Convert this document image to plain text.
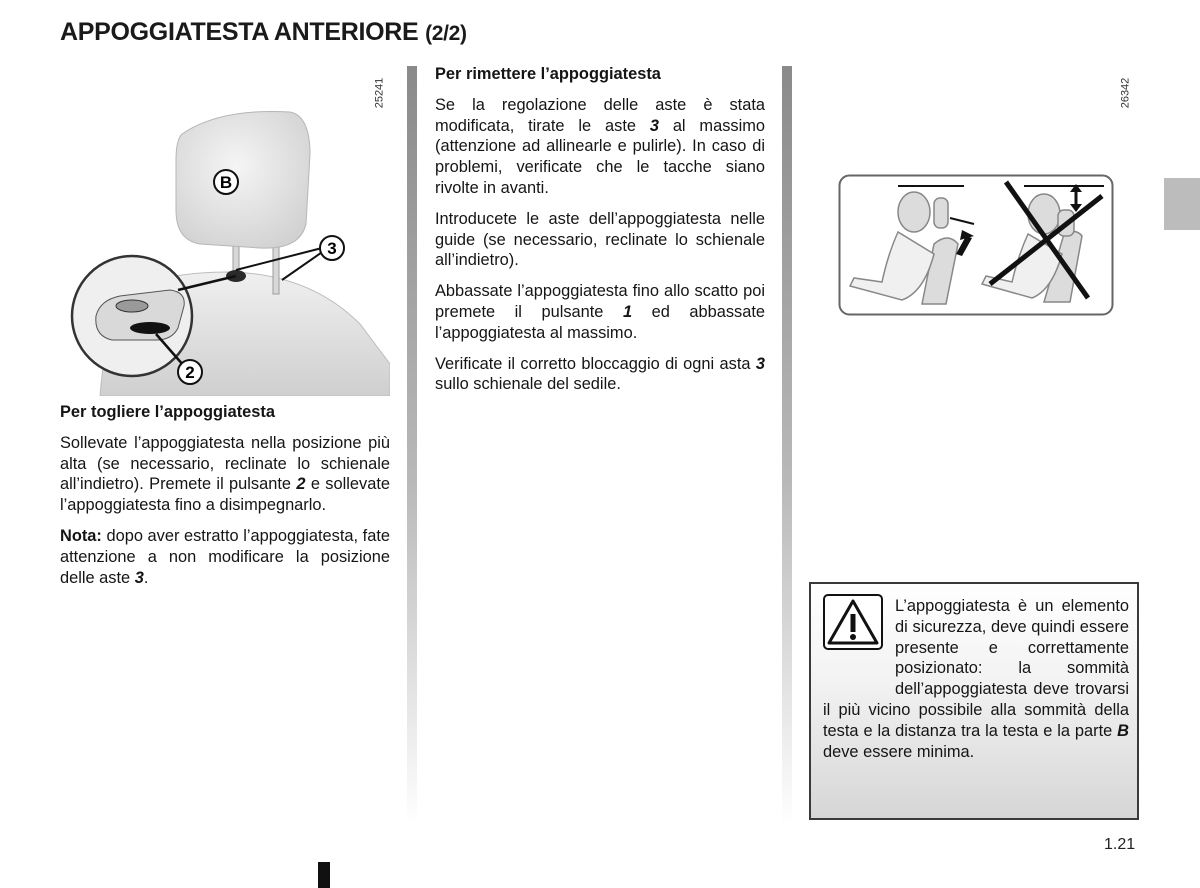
APPOGGIATESTA ANTERIORE (2/2)
25241	26342
B
3
2
Per togliere l’appoggiatesta

Sollevate l’appoggiatesta nella posizione più alta (se necessario, reclinate lo schienale all’indietro). Premete il pulsante 2 e sollevate l’appoggiatesta fino a disimpegnarlo.

Nota: dopo aver estratto l’appoggiatesta, fate attenzione a non modificare la posizione delle aste 3.

Per rimettere l’appoggiatesta

Se la regolazione delle aste è stata modificata, tirate le aste 3 al massimo (attenzione ad allinearle e pulirle). In caso di problemi, verificate che le tacche siano rivolte in avanti.

Introducete le aste dell’appoggiatesta nelle guide (se necessario, reclinate lo schienale all’indietro).

Abbassate l’appoggiatesta fino allo scatto poi premete il pulsante 1 ed abbassate l’appoggiatesta al massimo.

Verificate il corretto bloccaggio di ogni asta 3 sullo schienale del sedile.

L’appoggiatesta è un elemento di sicurezza, deve quindi essere presente e correttamente posizionato: la sommità dell’appoggiatesta deve trovarsi il più vicino possibile alla sommità della testa e la distanza tra la testa e la parte B deve essere minima.
1.21
